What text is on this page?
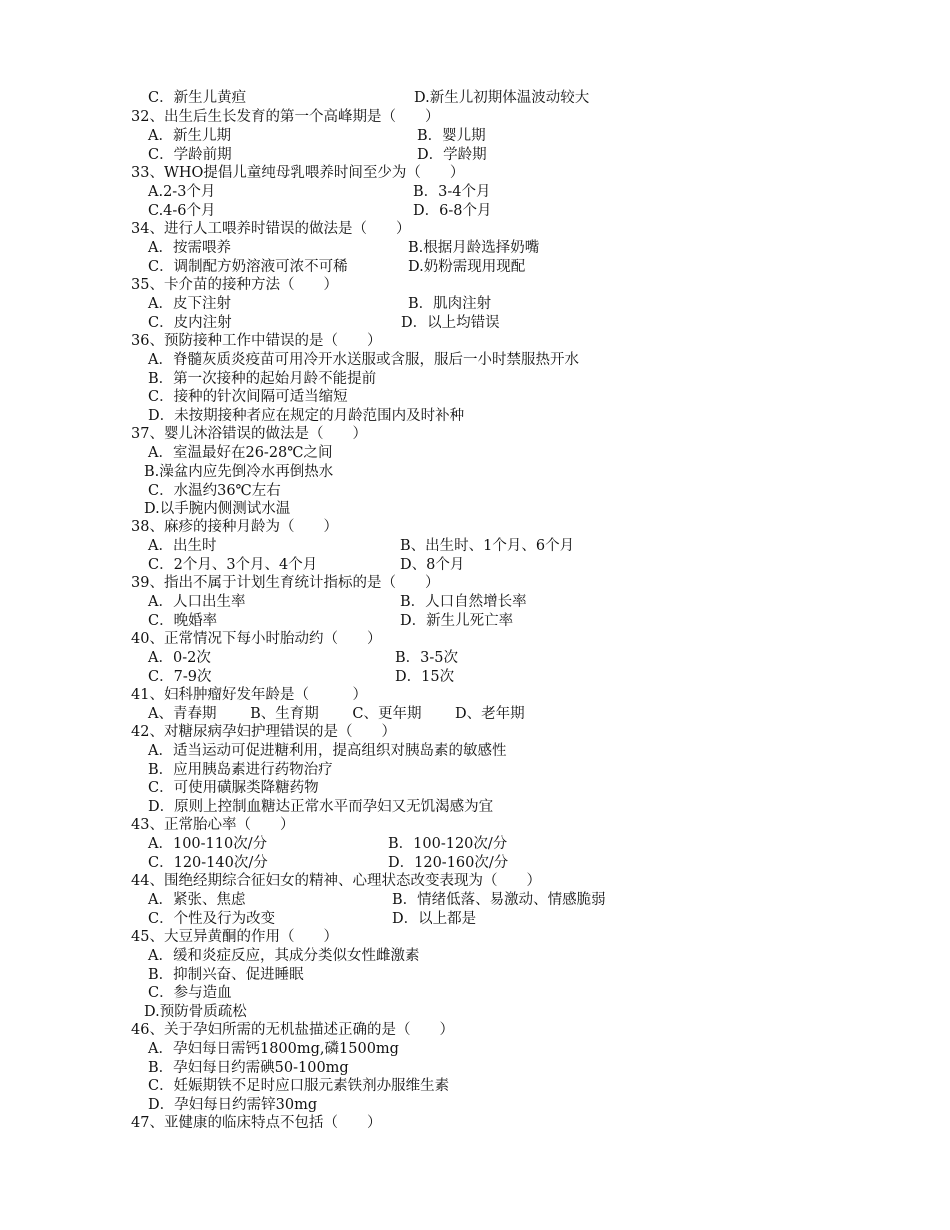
C．新生儿黄疸	D.新生儿初期体温波动较大
32、出生后生长发育的第一个高峰期是（　　）
A．新生儿期	B．婴儿期
C．学龄前期	D．学龄期
33、WHO提倡儿童纯母乳喂养时间至少为（　　）
A.2-3个月	B．3-4个月
C.4-6个月	D．6-8个月
34、进行人工喂养时错误的做法是（　　）
A．按需喂养	B.根据月龄选择奶嘴
C．调制配方奶溶液可浓不可稀	D.奶粉需现用现配
35、卡介苗的接种方法（　　）
A．皮下注射	B．肌肉注射
C．皮内注射	D．以上均错误
36、预防接种工作中错误的是（　　）
A．脊髓灰质炎疫苗可用冷开水送服或含服，服后一小时禁服热开水
B．第一次接种的起始月龄不能提前
C．接种的针次间隔可适当缩短
D．未按期接种者应在规定的月龄范围内及时补种
37、婴儿沐浴错误的做法是（　　）
A．室温最好在26-28℃之间
B.澡盆内应先倒冷水再倒热水
C．水温约36℃左右
D.以手腕内侧测试水温
38、麻疹的接种月龄为（　　）
A．出生时	B、出生时、1个月、6个月
C．2个月、3个月、4个月	D、8个月
39、指出不属于计划生育统计指标的是（　　）
A．人口出生率	B．人口自然增长率
C．晚婚率	D．新生儿死亡率
40、正常情况下每小时胎动约（　　）
A．0-2次	B．3-5次
C．7-9次	D．15次
41、妇科肿瘤好发年龄是（　　　）
A、青春期　　 B、生育期　　 C、更年期　　 D、老年期
42、对糖尿病孕妇护理错误的是（　　）
A．适当运动可促进糖利用，提高组织对胰岛素的敏感性
B．应用胰岛素进行药物治疗
C．可使用磺脲类降糖药物
D．原则上控制血糖达正常水平而孕妇又无饥渴感为宜
43、正常胎心率（　　）
A．100-110次/分	B．100-120次/分
C．120-140次/分	D．120-160次/分
44、围绝经期综合征妇女的精神、心理状态改变表现为（　　）
A．紧张、焦虑	B．情绪低落、易激动、情感脆弱
C．个性及行为改变	D．以上都是
45、大豆异黄酮的作用（　　）
A．缓和炎症反应，其成分类似女性雌激素
B．抑制兴奋、促进睡眠
C．参与造血
D.预防骨质疏松
46、关于孕妇所需的无机盐描述正确的是（　　）
A．孕妇每日需钙1800mg,磷1500mg
B．孕妇每日约需碘50-100mg
C．妊娠期铁不足时应口服元素铁剂办服维生素
D．孕妇每日约需锌30mg
47、亚健康的临床特点不包括（　　）
